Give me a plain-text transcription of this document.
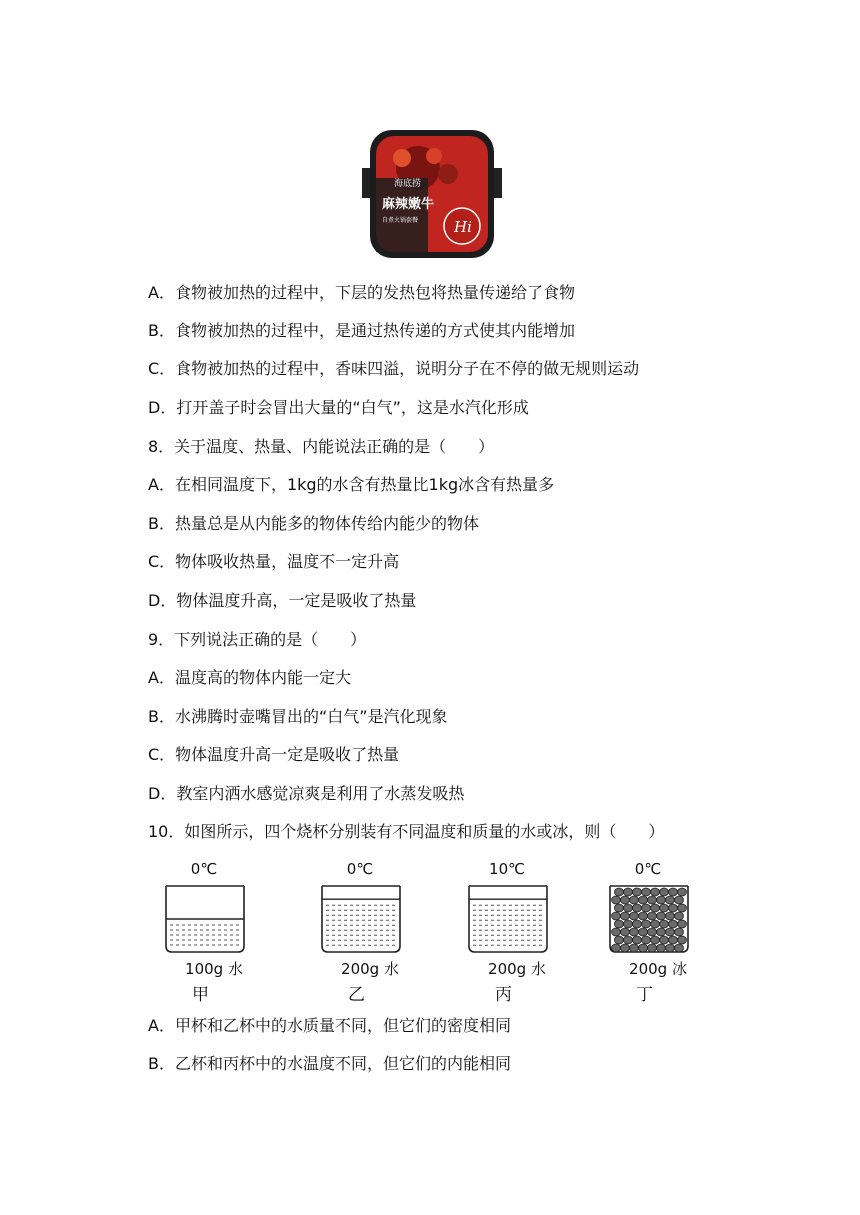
海底捞
麻辣嫩牛
自煮火锅套餐 Hi
A．食物被加热的过程中，下层的发热包将热量传递给了食物
B．食物被加热的过程中，是通过热传递的方式使其内能增加
C．食物被加热的过程中，香味四溢，说明分子在不停的做无规则运动
D．打开盖子时会冒出大量的“白气”，这是水汽化形成
8．关于温度、热量、内能说法正确的是（　　）
A．在相同温度下，1kg的水含有热量比1kg冰含有热量多
B．热量总是从内能多的物体传给内能少的物体
C．物体吸收热量，温度不一定升高
D．物体温度升高，一定是吸收了热量
9．下列说法正确的是（　　）
A．温度高的物体内能一定大
B．水沸腾时壶嘴冒出的“白气”是汽化现象
C．物体温度升高一定是吸收了热量
D．教室内洒水感觉凉爽是利用了水蒸发吸热
10．如图所示，四个烧杯分别装有不同温度和质量的水或冰，则（　　）
0℃
100g 水
甲
0℃
200g 水
乙
10℃
200g 水
丙
0℃
200g 冰
丁
A．甲杯和乙杯中的水质量不同，但它们的密度相同
B．乙杯和丙杯中的水温度不同，但它们的内能相同
